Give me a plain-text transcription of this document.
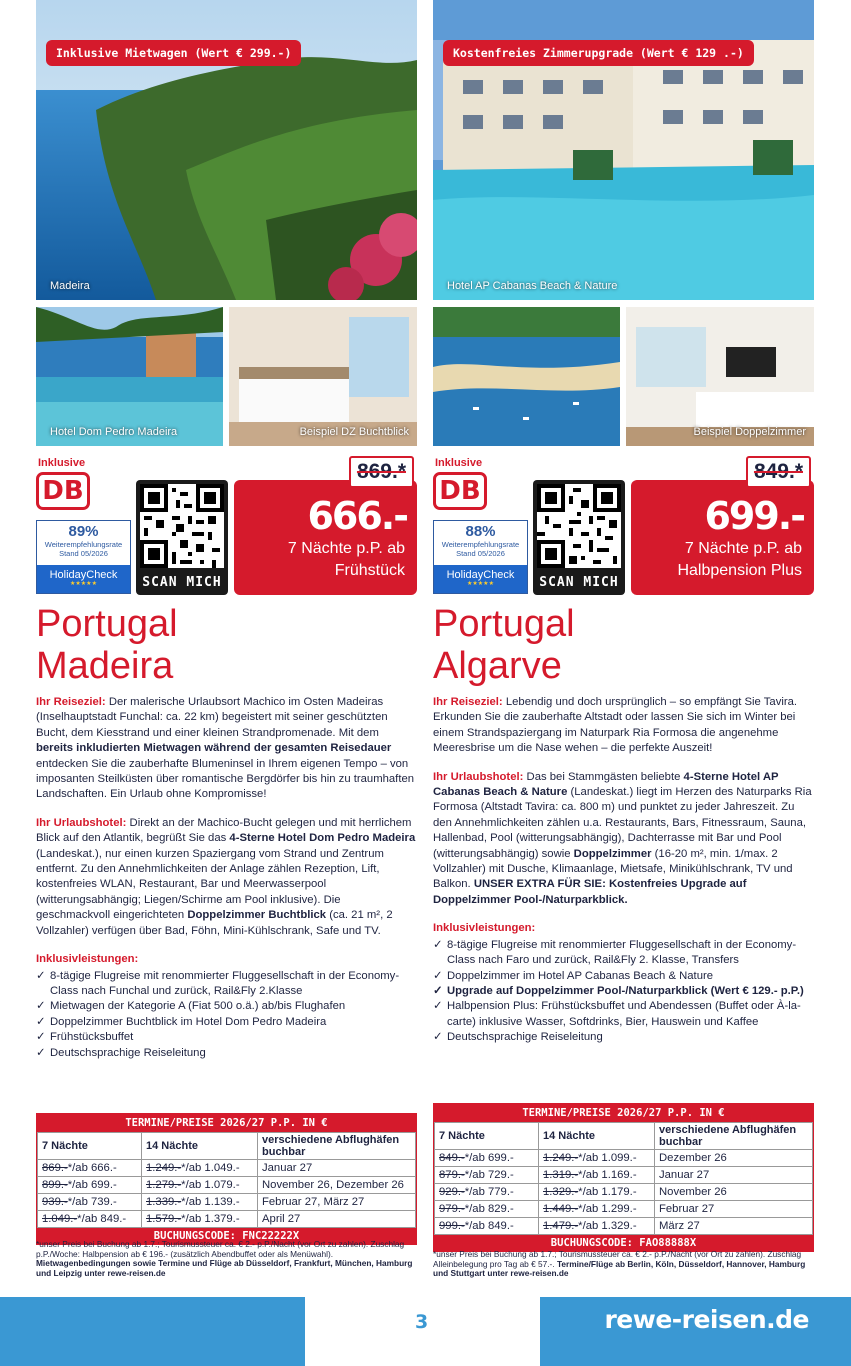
Inklusive Mietwagen (Wert € 299.-)
Madeira
Hotel Dom Pedro Madeira	Beispiel DZ Buchtblick
Inklusive
DB
89%
Weiterempfehlungsrate
Stand 05/2026
HolidayCheck
★★★★★	SCAN MICH
869.*
666.-
7 Nächte p.P. ab Frühstück
Portugal
Madeira

Ihr Reiseziel: Der malerische Urlaubsort Machico im Osten Madeiras (Inselhauptstadt Funchal: ca. 22 km) begeistert mit seiner geschützten Bucht, dem Kiesstrand und einer kleinen Strandpromenade. Mit dem bereits inkludierten Mietwagen während der gesamten Reisedauer entdecken Sie die zauberhafte Blumeninsel in Ihrem eigenen Tempo – von imposanten Steilküsten über romantische Bergdörfer bis hin zu traumhaften Landschaften. Ein Urlaub ohne Kompromisse!

Ihr Urlaubshotel: Direkt an der Machico-Bucht gelegen und mit herrlichem Blick auf den Atlantik, begrüßt Sie das 4-Sterne Hotel Dom Pedro Madeira (Landeskat.), nur einen kurzen Spaziergang vom Strand und Zentrum entfernt. Zu den Annehmlichkeiten der Anlage zählen Rezeption, Lift, kostenfreies WLAN, Restaurant, Bar und Meerwasserpool (witterungsabhängig; Liegen/Schirme am Pool inklusive). Die geschmackvoll eingerichteten Doppelzimmer Buchtblick (ca. 21 m², 2 Vollzahler) verfügen über Bad, Föhn, Mini-Kühlschrank, Safe und TV.

Inklusivleistungen:
✓ 8-tägige Flugreise mit renommierter Fluggesellschaft in der Economy-Class nach Funchal und zurück, Rail&Fly 2.Klasse
✓ Mietwagen der Kategorie A (Fiat 500 o.ä.) ab/bis Flughafen
✓ Doppelzimmer Buchtblick im Hotel Dom Pedro Madeira
✓ Frühstücksbuffet
✓ Deutschsprachige Reiseleitung
TERMINE/PREISE 2026/27 P.P. IN €
7 Nächte	14 Nächte	verschiedene Abflughäfen buchbar
869.-*/ab 666.-	1.249.-*/ab 1.049.-	Januar 27
899.-*/ab 699.-	1.279.-*/ab 1.079.-	November 26, Dezember 26
939.-*/ab 739.-	1.339.-*/ab 1.139.-	Februar 27, März 27
1.049.-*/ab 849.-	1.579.-*/ab 1.379.-	April 27
BUCHUNGSCODE: FNC22222X
*unser Preis bei Buchung ab 1.7.; Tourismussteuer ca. € 2.- p.P./Nacht (vor Ort zu zahlen). Zuschlag p.P./Woche: Halbpension ab € 196.- (zusätzlich Abendbuffet oder als Menüwahl). Mietwagenbedingungen sowie Termine und Flüge ab Düsseldorf, Frankfurt, München, Hamburg und Leipzig unter rewe-reisen.de
Kostenfreies Zimmerupgrade (Wert € 129 .-)
Hotel AP Cabanas Beach & Nature
Beispiel Doppelzimmer
Inklusive
DB
88%
Weiterempfehlungsrate
Stand 05/2026
HolidayCheck
★★★★★	SCAN MICH
849.*
699.-
7 Nächte p.P. ab Halbpension Plus
Portugal
Algarve

Ihr Reiseziel: Lebendig und doch ursprünglich – so empfängt Sie Tavira. Erkunden Sie die zauberhafte Altstadt oder lassen Sie sich im Winter bei einem Strandspaziergang im Naturpark Ria Formosa die angenehme Meeresbrise um die Nase wehen – die perfekte Auszeit!

Ihr Urlaubshotel: Das bei Stammgästen beliebte 4-Sterne Hotel AP Cabanas Beach & Nature (Landeskat.) liegt im Herzen des Naturparks Ria Formosa (Altstadt Tavira: ca. 800 m) und punktet zu jeder Jahreszeit. Zu den Annehmlichkeiten zählen u.a. Restaurants, Bars, Fitnessraum, Sauna, Hallenbad, Pool (witterungsabhängig), Dachterrasse mit Bar und Pool (witterungsabhängig) sowie Doppelzimmer (16-20 m², min. 1/max. 2 Vollzahler) mit Dusche, Klimaanlage, Mietsafe, Minikühlschrank, TV und Balkon. UNSER EXTRA FÜR SIE: Kostenfreies Upgrade auf Doppelzimmer Pool-/Naturparkblick.

Inklusivleistungen:
✓ 8-tägige Flugreise mit renommierter Fluggesellschaft in der Economy-Class nach Faro und zurück, Rail&Fly 2. Klasse, Transfers
✓ Doppelzimmer im Hotel AP Cabanas Beach & Nature
✓ Upgrade auf Doppelzimmer Pool-/Naturparkblick (Wert € 129.- p.P.)
✓ Halbpension Plus: Frühstücksbuffet und Abendessen (Buffet oder À-la-carte) inklusive Wasser, Softdrinks, Bier, Hauswein und Kaffee
✓ Deutschsprachige Reiseleitung
TERMINE/PREISE 2026/27 P.P. IN €
7 Nächte	14 Nächte	verschiedene Abflughäfen buchbar
849.-*/ab 699.-	1.249.-*/ab 1.099.-	Dezember 26
879.-*/ab 729.-	1.319.-*/ab 1.169.-	Januar 27
929.-*/ab 779.-	1.329.-*/ab 1.179.-	November 26
979.-*/ab 829.-	1.449.-*/ab 1.299.-	Februar 27
999.-*/ab 849.-	1.479.-*/ab 1.329.-	März 27
BUCHUNGSCODE: FAO88888X
*unser Preis bei Buchung ab 1.7.; Tourismussteuer ca. € 2.- p.P./Nacht (vor Ort zu zahlen). Zuschlag Alleinbelegung pro Tag ab € 57.-. Termine/Flüge ab Berlin, Köln, Düsseldorf, Hannover, Hamburg und Stuttgart unter rewe-reisen.de
3	rewe-reisen.de
